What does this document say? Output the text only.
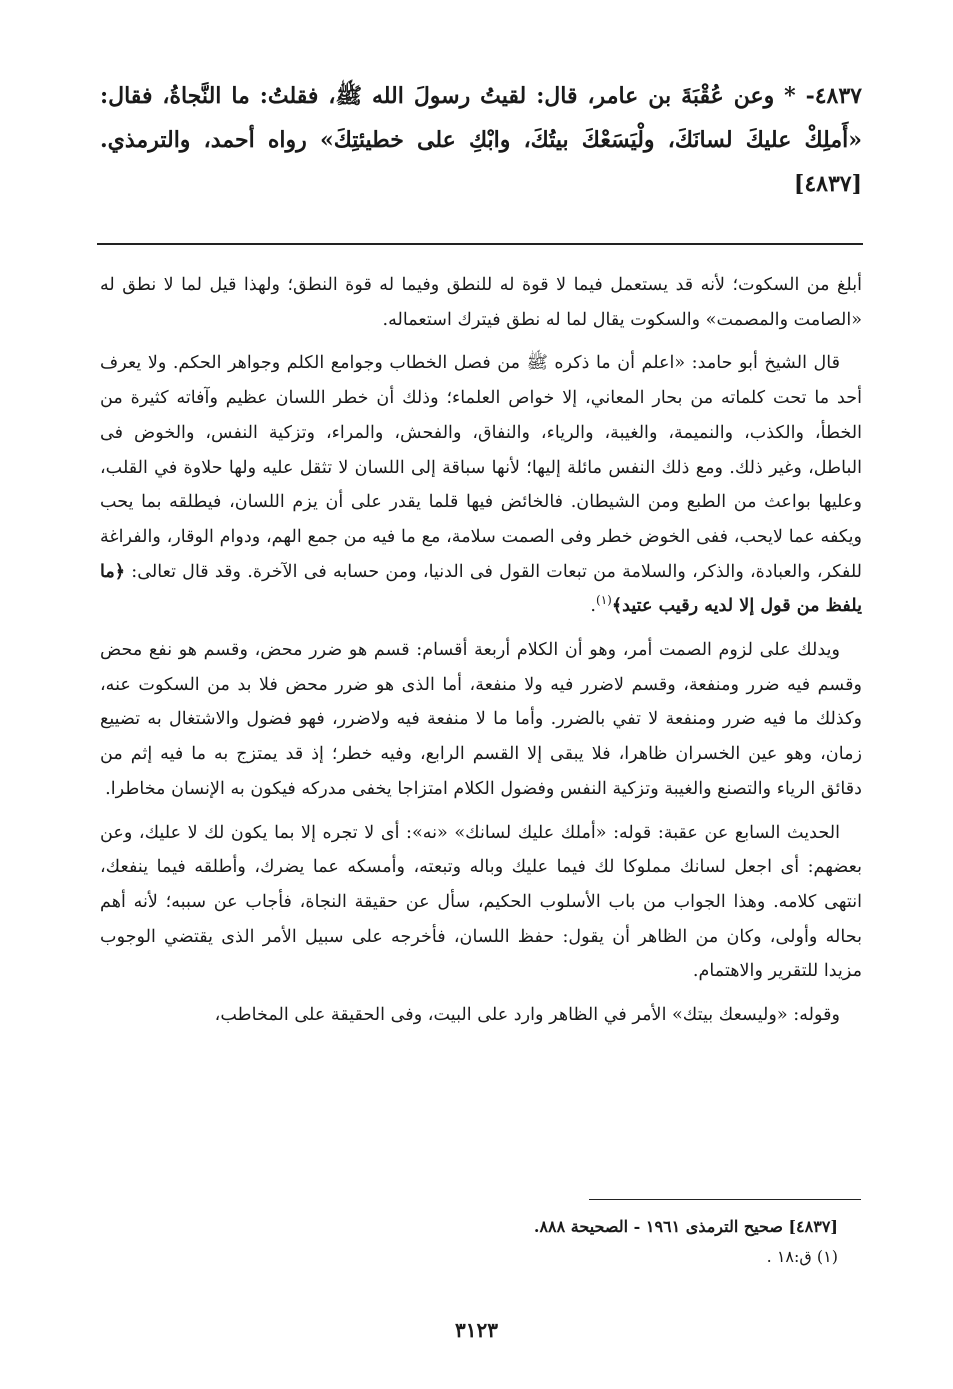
٤٨٣٧- * وعن عُقْبَةَ بن عامر، قال: لقيتُ رسولَ الله ﷺ، فقلتُ: ما النَّجاةُ، فقال: «أَملِكْ عليكَ لسانَكَ، ولْيَسَعْكَ بيتُكَ، وابْكِ على خطيئتِكَ» رواه أحمد، والترمذي. [٤٨٣٧]

أبلغ من السكوت؛ لأنه قد يستعمل فيما لا قوة له للنطق وفيما له قوة النطق؛ ولهذا قيل لما لا نطق له «الصامت والمصمت» والسكوت يقال لما له نطق فيترك استعماله.

قال الشيخ أبو حامد: «اعلم أن ما ذكره ﷺ من فصل الخطاب وجوامع الكلم وجواهر الحكم. ولا يعرف أحد ما تحت كلماته من بحار المعاني، إلا خواص العلماء؛ وذلك أن خطر اللسان عظيم وآفاته كثيرة من الخطأ، والكذب، والنميمة، والغيبة، والرياء، والنفاق، والفحش، والمراء، وتزكية النفس، والخوض فى الباطل، وغير ذلك. ومع ذلك النفس مائلة إليها؛ لأنها سباقة إلى اللسان لا تثقل عليه ولها حلاوة في القلب، وعليها بواعث من الطبع ومن الشيطان. فالخائض فيها قلما يقدر على أن يزم اللسان، فيطلقه بما يحب ويكفه عما لايحب، ففى الخوض خطر وفى الصمت سلامة، مع ما فيه من جمع الهم، ودوام الوقار، والفراغة للفكر، والعبادة، والذكر، والسلامة من تبعات القول فى الدنيا، ومن حسابه فى الآخرة. وقد قال تعالى: ﴿ما يلفظ من قول إلا لديه رقيب عتيد﴾$^{(١)}$.

ويدلك على لزوم الصمت أمر، وهو أن الكلام أربعة أقسام: قسم هو ضرر محض، وقسم هو نفع محض وقسم فيه ضرر ومنفعة، وقسم لاضرر فيه ولا منفعة، أما الذى هو ضرر محض فلا بد من السكوت عنه، وكذلك ما فيه ضرر ومنفعة لا تفي بالضرر. وأما ما لا منفعة فيه ولاضرر، فهو فضول والاشتغال به تضييع زمان، وهو عين الخسران ظاهرا، فلا يبقى إلا القسم الرابع، وفيه خطر؛ إذ قد يمتزج به ما فيه إثم من دقائق الرياء والتصنع والغيبة وتزكية النفس وفضول الكلام امتزاجا يخفى مدركه فيكون به الإنسان مخاطرا.

الحديث السابع عن عقبة: قوله: «أملك عليك لسانك» «نه»: أى لا تجره إلا بما يكون لك لا عليك، وعن بعضهم: أى اجعل لسانك مملوكا لك فيما عليك وباله وتبعته، وأمسكه عما يضرك، وأطلقه فيما ينفعك، انتهى كلامه. وهذا الجواب من باب الأسلوب الحكيم، سأل عن حقيقة النجاة، فأجاب عن سببه؛ لأنه أهم بحاله وأولى، وكان من الظاهر أن يقول: حفظ اللسان، فأخرجه على سبيل الأمر الذى يقتضي الوجوب مزيدا للتقرير والاهتمام.

وقوله: «وليسعك بيتك» الأمر في الظاهر وارد على البيت، وفى الحقيقة على المخاطب،

[٤٨٣٧] صحيح الترمذى ١٩٦١ - الصحيحة ٨٨٨.

(١) ق:١٨ .

٣١٢٣
